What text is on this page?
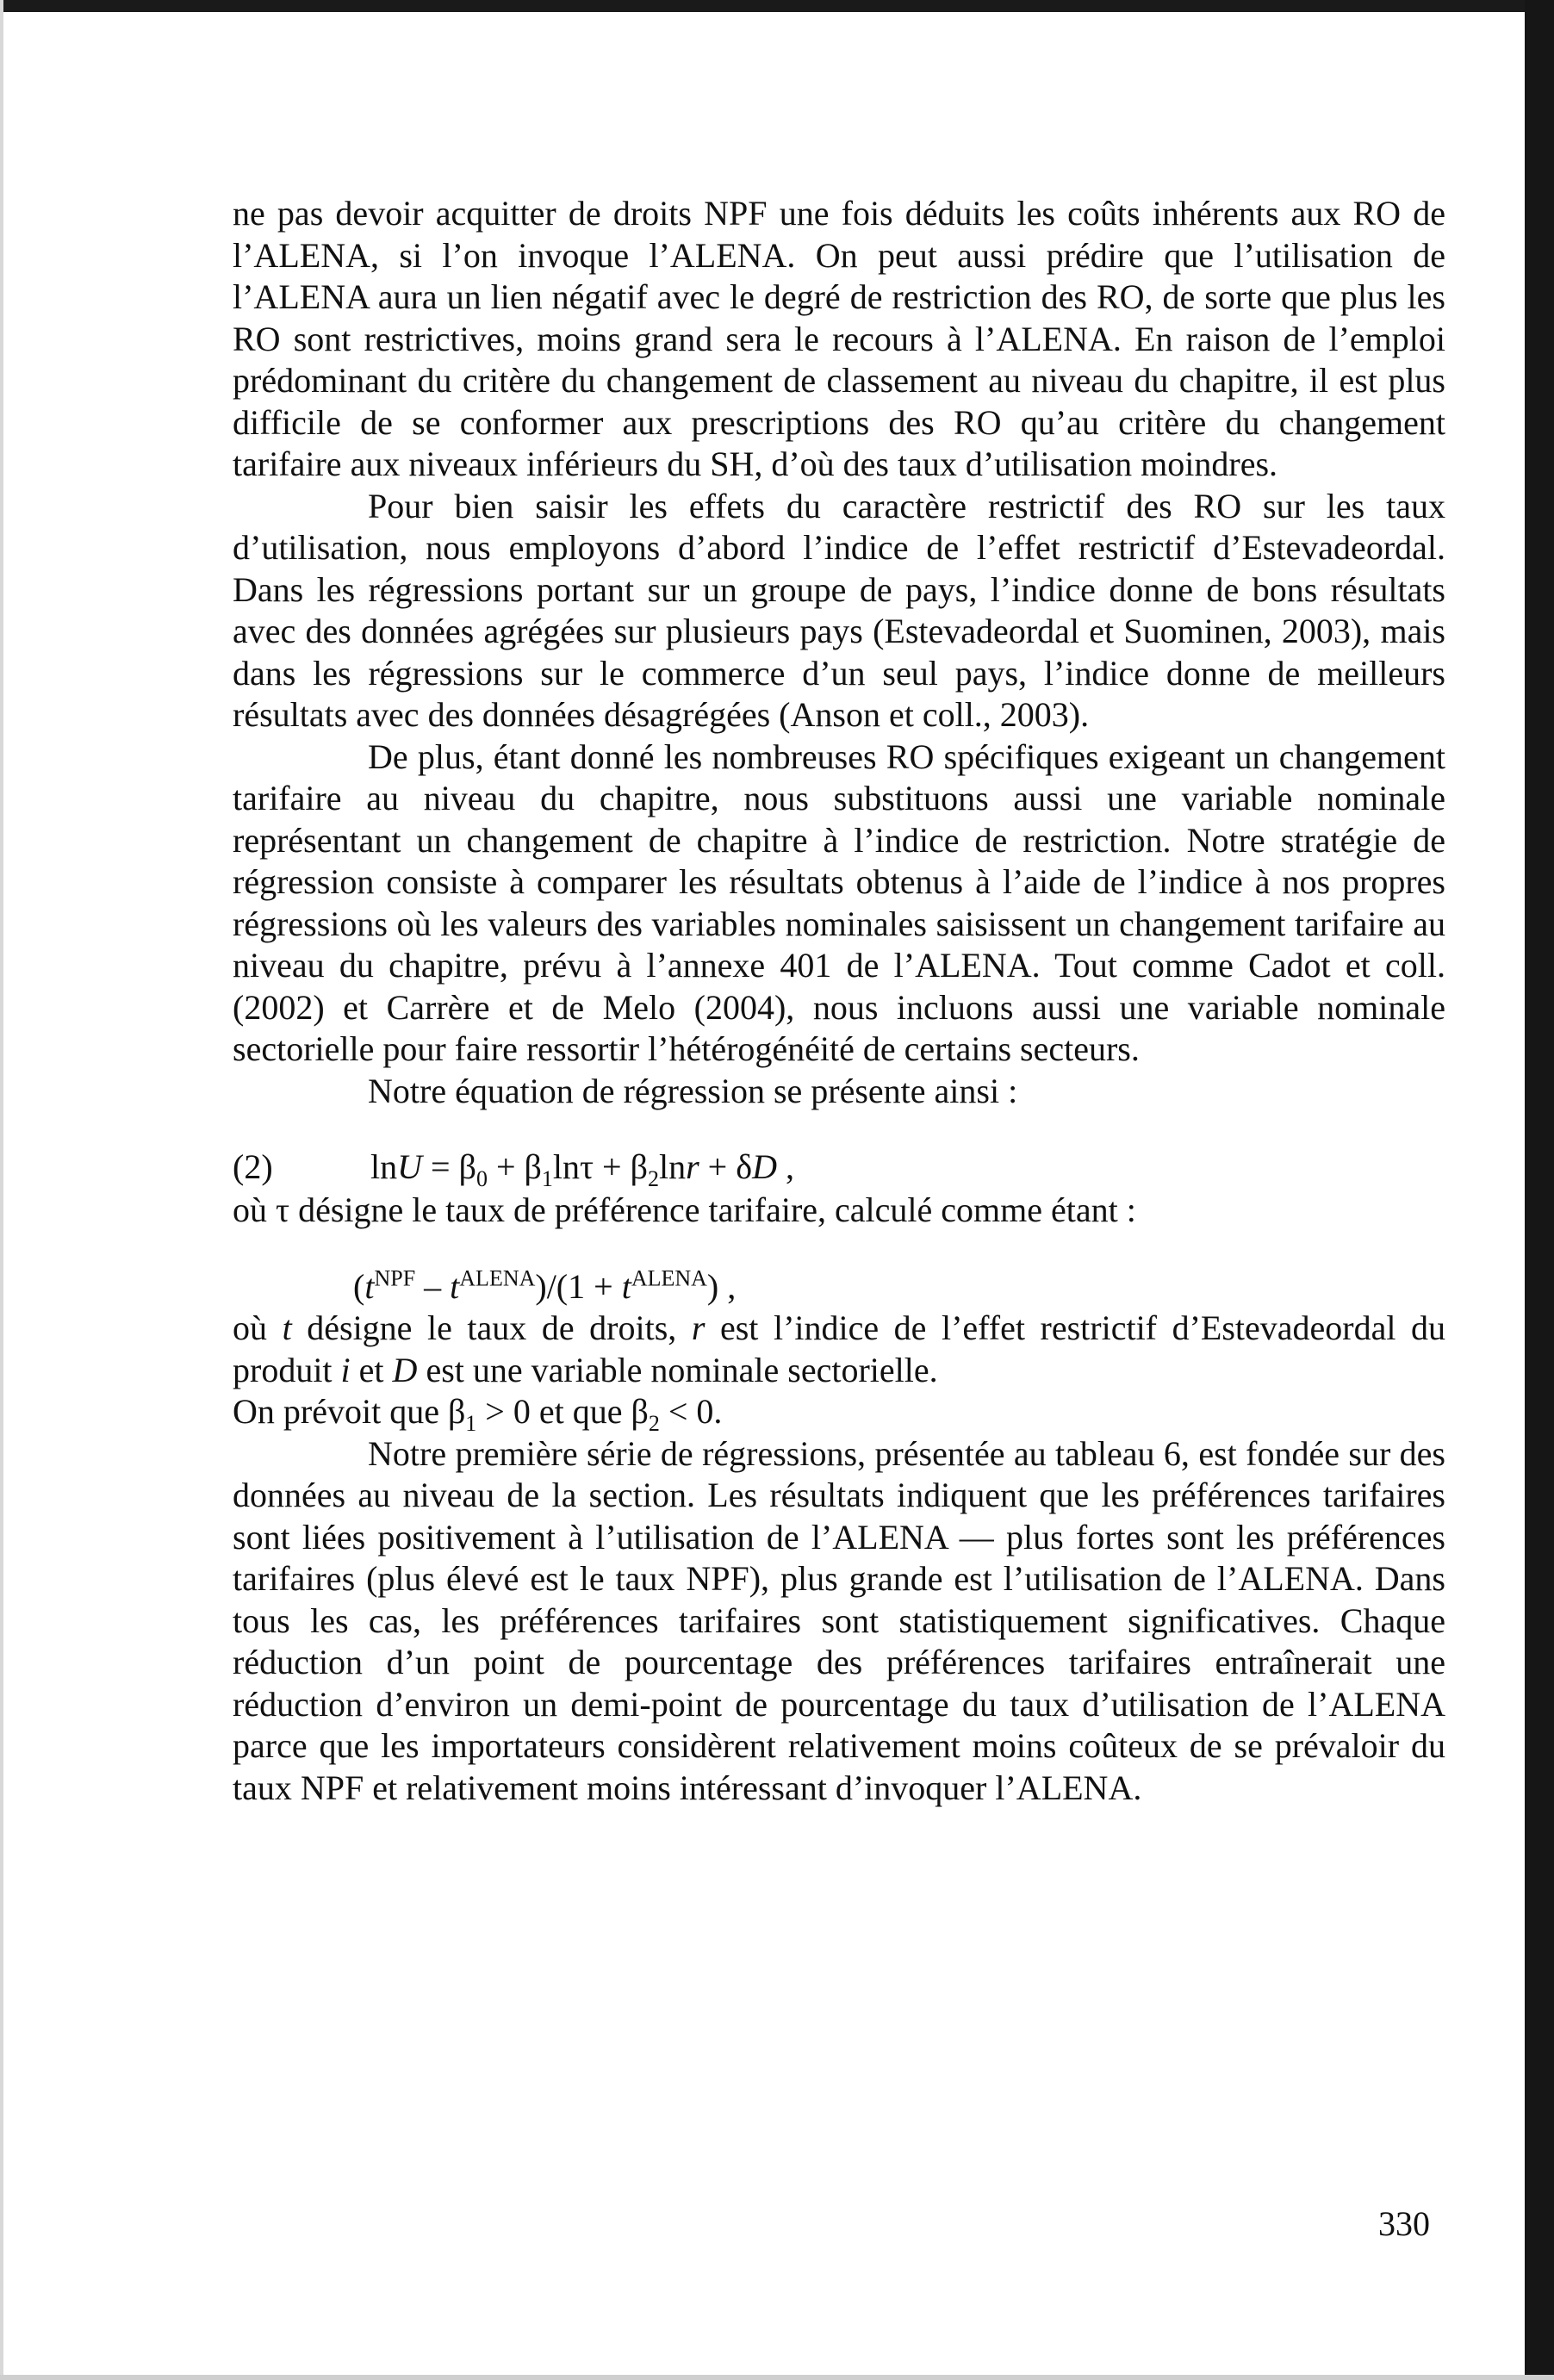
ne pas devoir acquitter de droits NPF une fois déduits les coûts inhérents aux RO de l’ALENA, si l’on invoque l’ALENA. On peut aussi prédire que l’utilisation de l’ALENA aura un lien négatif avec le degré de restriction des RO, de sorte que plus les RO sont restrictives, moins grand sera le recours à l’ALENA. En raison de l’emploi prédominant du critère du changement de classement au niveau du chapitre, il est plus difficile de se conformer aux prescriptions des RO qu’au critère du changement tarifaire aux niveaux inférieurs du SH, d’où des taux d’utilisation moindres.

Pour bien saisir les effets du caractère restrictif des RO sur les taux d’utilisation, nous employons d’abord l’indice de l’effet restrictif d’Estevadeordal. Dans les régressions portant sur un groupe de pays, l’indice donne de bons résultats avec des données agrégées sur plusieurs pays (Estevadeordal et Suominen, 2003), mais dans les régressions sur le commerce d’un seul pays, l’indice donne de meilleurs résultats avec des données désagrégées (Anson et coll., 2003).

De plus, étant donné les nombreuses RO spécifiques exigeant un changement tarifaire au niveau du chapitre, nous substituons aussi une variable nominale représentant un changement de chapitre à l’indice de restriction. Notre stratégie de régression consiste à comparer les résultats obtenus à l’aide de l’indice à nos propres régressions où les valeurs des variables nominales saisissent un changement tarifaire au niveau du chapitre, prévu à l’annexe 401 de l’ALENA. Tout comme Cadot et coll. (2002) et Carrère et de Melo (2004), nous incluons aussi une variable nominale sectorielle pour faire ressortir l’hétérogénéité de certains secteurs.

Notre équation de régression se présente ainsi :

(2)	$\ln U = \beta_0 + \beta_1\ln\tau + \beta_2\ln r + \delta D$ ,

où τ désigne le taux de préférence tarifaire, calculé comme étant :

$(t^{NPF} - t^{ALENA})/(1 + t^{ALENA})$ ,

où t désigne le taux de droits, r est l’indice de l’effet restrictif d’Estevadeordal du produit i et D est une variable nominale sectorielle.

On prévoit que $\beta_1 > 0$ et que $\beta_2 < 0$.

Notre première série de régressions, présentée au tableau 6, est fondée sur des données au niveau de la section. Les résultats indiquent que les préférences tarifaires sont liées positivement à l’utilisation de l’ALENA — plus fortes sont les préférences tarifaires (plus élevé est le taux NPF), plus grande est l’utilisation de l’ALENA. Dans tous les cas, les préférences tarifaires sont statistiquement significatives. Chaque réduction d’un point de pourcentage des préférences tarifaires entraînerait une réduction d’environ un demi-point de pourcentage du taux d’utilisation de l’ALENA parce que les importateurs considèrent relativement moins coûteux de se prévaloir du taux NPF et relativement moins intéressant d’invoquer l’ALENA.

330
